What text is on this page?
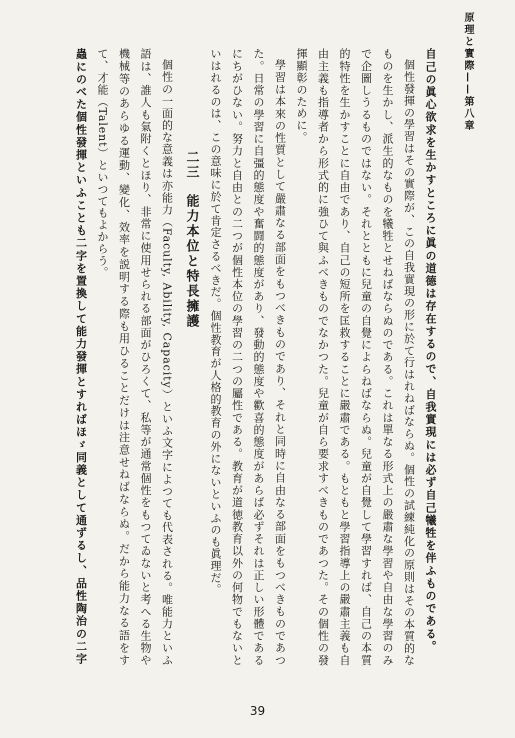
原理と實際——第八章

自己の眞心欲求を生かすところに眞の道德は存在するので、自我實現には必ず自己犧牲を伴ふものである。

個性發揮の學習はその實際が、この自我實現の形に於て行はれねばならぬ。個性の試練純化の原則はその本質的なものを生かし、派生的なものを犧牲とせねばならぬのである。これは單なる形式上の嚴肅な學習や自由な學習のみで企圖しうるものではない。それとともに兒童の自覺によらねばならぬ。兒童が自覺して學習すれば、自己の本質的特性を生かすことに自由であり、自己の短所を匡救することに嚴肅である。もともと學習指導上の嚴肅主義も自由主義も指導者から形式的に強ひて與ふべきものでなかつた。兒童が自ら要求すべきものであつた。その個性の發揮顯彰のために。

學習は本來の性質として嚴肅なる部面をもつべきものであり、それと同時に自由なる部面をもつべきものであつた。日常の學習に自彊的態度や奮闘的態度があり、發動的態度や歡喜的態度があらば必ずそれは正しい形體であるにちがひない。努力と自由との二つが個性本位の學習の二つの屬性である。教育が道徳教育以外の何物でもないといはれるのは、この意味に於て肯定さるべきだ。個性教育が人格的教育の外にないといふのも眞理だ。

二三能力本位と特長擁護

個性の一面的な意義は亦能力（Faculty, Ability, Capacity）といふ文字によつても代表される。唯能力といふ語は、誰人も氣附くとほり、非常に使用せられる部面がひろくて、私等が通常個性をもつてゐないと考へる生物や機械等のあらゆる運動、變化、效率を説明する際も用ひることだけは注意せねばならぬ。だから能力なる語をすて、才能（Talent）といつてもよからう。

蟲にのべた個性發揮といふことも二字を置換して能力發揮とすればほゞ同義として通ずるし、品性陶治の二字

39
